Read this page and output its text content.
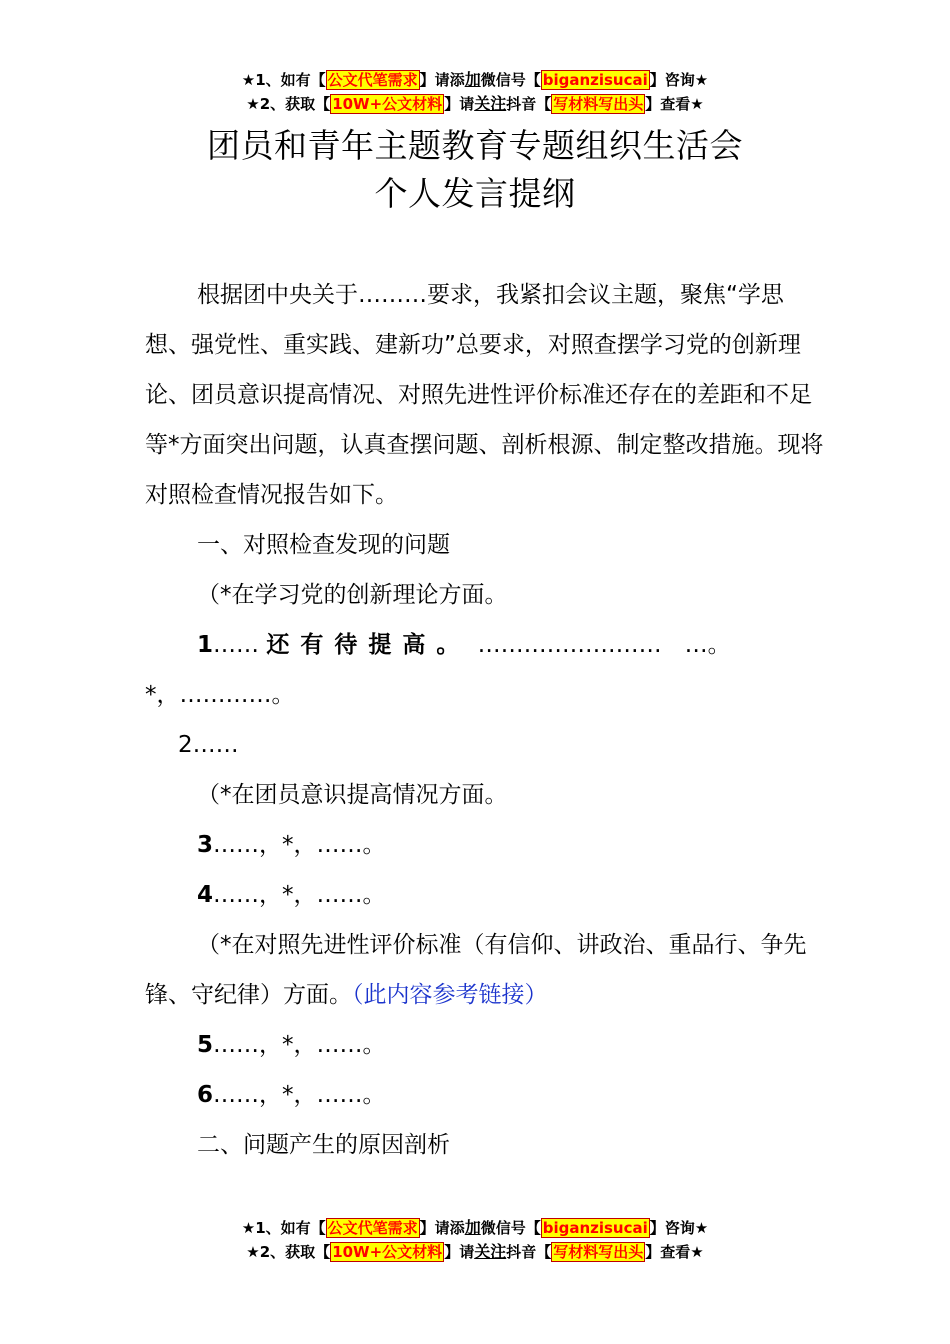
★1、如有【 公文代笔需求 】请添加微信号【 biganzisucai 】咨询★
★2、获取【 10W+公文材料 】请关注抖音【 写材料写出头 】查看★
团员和青年主题教育专题组织生活会
个人发言提纲

根据团中央关于………要求，我紧扣会议主题，聚焦“学思想、强党性、重实践、建新功”总要求，对照查摆学习党的创新理论、团员意识提高情况、对照先进性评价标准还存在的差距和不足等*方面突出问题，认真查摆问题、剖析根源、制定整改措施。现将对照检查情况报告如下。

一、对照检查发现的问题

（*在学习党的创新理论方面。

1…… 还有待提高。 ……………………　…。

*，…………。

2……

（*在团员意识提高情况方面。

3……，*，……。

4……，*，……。

（*在对照先进性评价标准（有信仰、讲政治、重品行、争先锋、守纪律）方面。（此内容参考链接）

5……，*，……。

6……，*，……。

二、问题产生的原因剖析

★1、如有【 公文代笔需求 】请添加微信号【 biganzisucai 】咨询★
★2、获取【 10W+公文材料 】请关注抖音【 写材料写出头 】查看★
